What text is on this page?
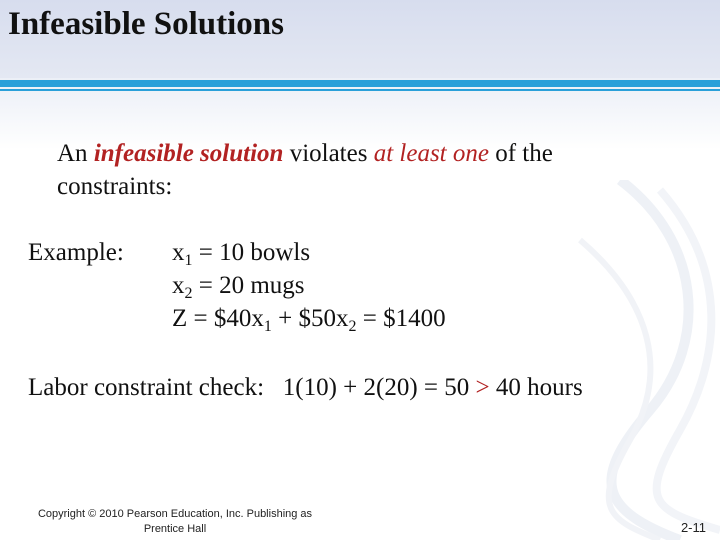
Infeasible Solutions
An infeasible solution violates at least one of the
constraints:
Example: $x_1 = 10$ bowls
$x_2 = 20$ mugs
$Z = \$40x_1$ + $\$50x_2$ = $1400
Labor constraint check:   1(10) + 2(20) = 50 > 40 hours
Copyright © 2010 Pearson Education, Inc. Publishing as
Prentice Hall	2-11
